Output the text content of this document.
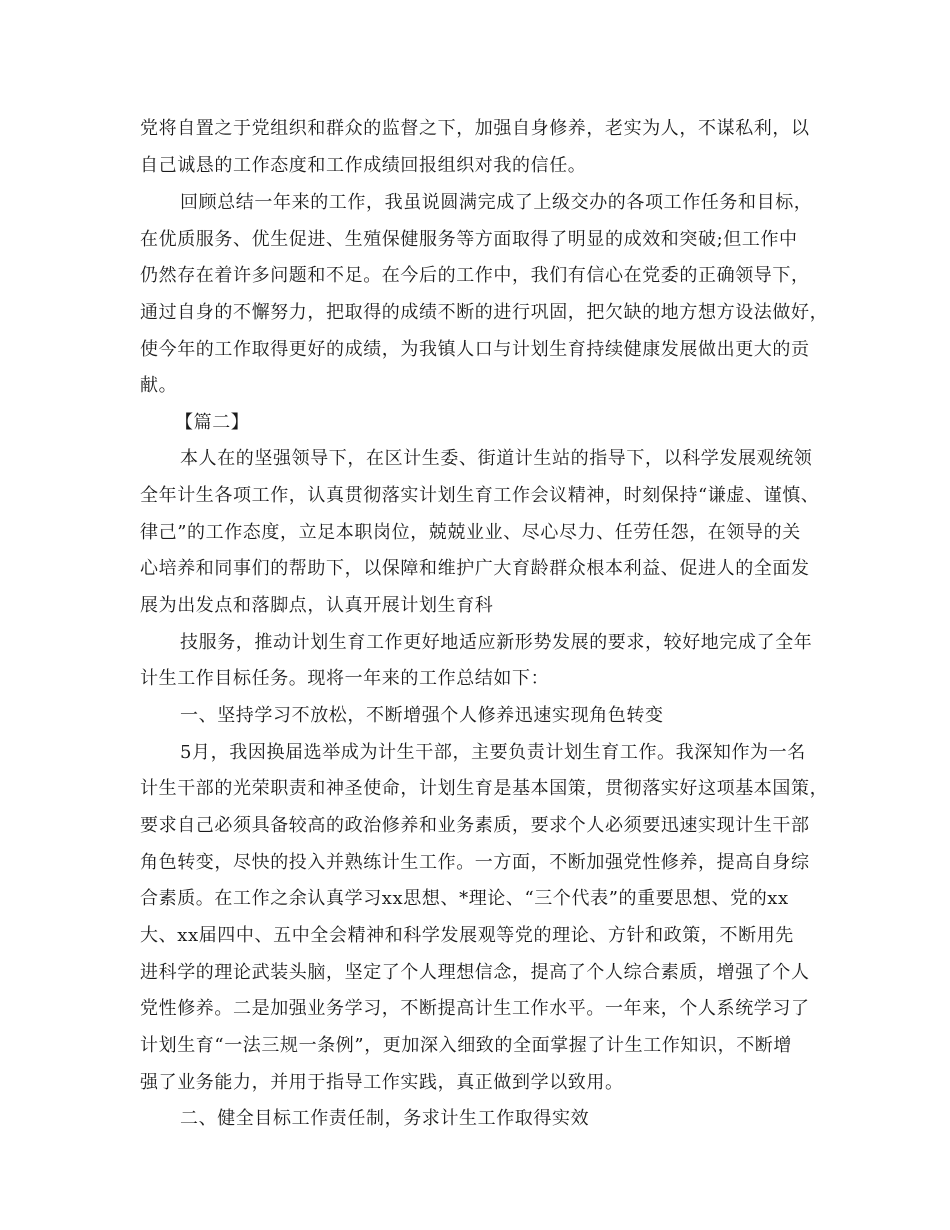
党将自置之于党组织和群众的监督之下，加强自身修养，老实为人，不谋私利，以
自己诚恳的工作态度和工作成绩回报组织对我的信任。
回顾总结一年来的工作，我虽说圆满完成了上级交办的各项工作任务和目标，
在优质服务、优生促进、生殖保健服务等方面取得了明显的成效和突破;但工作中
仍然存在着许多问题和不足。在今后的工作中，我们有信心在党委的正确领导下，
通过自身的不懈努力，把取得的成绩不断的进行巩固，把欠缺的地方想方设法做好，
使今年的工作取得更好的成绩，为我镇人口与计划生育持续健康发展做出更大的贡
献。
【篇二】
本人在的坚强领导下，在区计生委、街道计生站的指导下，以科学发展观统领
全年计生各项工作，认真贯彻落实计划生育工作会议精神，时刻保持“谦虚、谨慎、
律己”的工作态度，立足本职岗位，兢兢业业、尽心尽力、任劳任怨，在领导的关
心培养和同事们的帮助下，以保障和维护广大育龄群众根本利益、促进人的全面发
展为出发点和落脚点，认真开展计划生育科
技服务，推动计划生育工作更好地适应新形势发展的要求，较好地完成了全年
计生工作目标任务。现将一年来的工作总结如下：
一、坚持学习不放松，不断增强个人修养迅速实现角色转变
5月，我因换届选举成为计生干部，主要负责计划生育工作。我深知作为一名
计生干部的光荣职责和神圣使命，计划生育是基本国策，贯彻落实好这项基本国策，
要求自己必须具备较高的政治修养和业务素质，要求个人必须要迅速实现计生干部
角色转变，尽快的投入并熟练计生工作。一方面，不断加强党性修养，提高自身综
合素质。在工作之余认真学习xx思想、*理论、“三个代表”的重要思想、党的xx
大、xx届四中、五中全会精神和科学发展观等党的理论、方针和政策，不断用先
进科学的理论武装头脑，坚定了个人理想信念，提高了个人综合素质，增强了个人
党性修养。二是加强业务学习，不断提高计生工作水平。一年来，个人系统学习了
计划生育“一法三规一条例”，更加深入细致的全面掌握了计生工作知识，不断增
强了业务能力，并用于指导工作实践，真正做到学以致用。
二、健全目标工作责任制，务求计生工作取得实效
